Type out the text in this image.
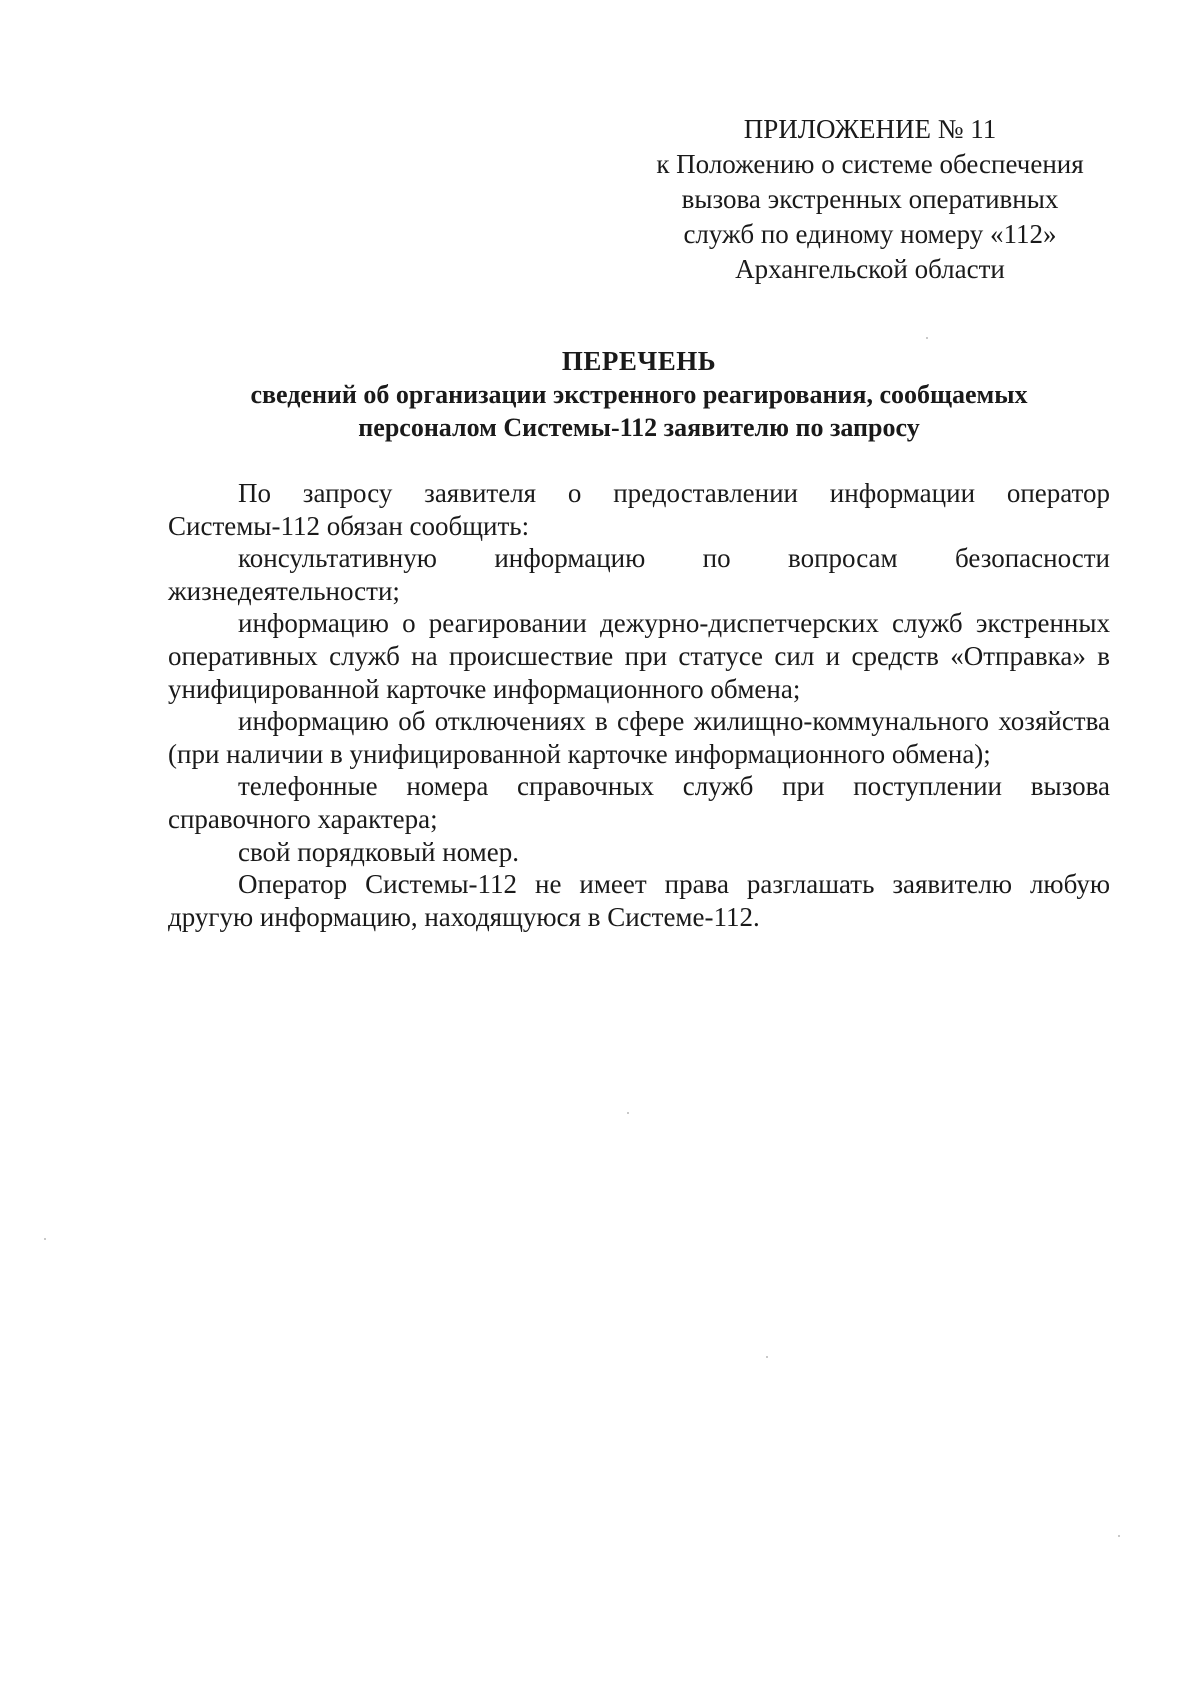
ПРИЛОЖЕНИЕ № 11
к Положению о системе обеспечения
вызова экстренных оперативных
служб по единому номеру «112»
Архангельской области
ПЕРЕЧЕНЬ
сведений об организации экстренного реагирования, сообщаемых
персоналом Системы-112 заявителю по запросу

По запросу заявителя о предоставлении информации оператор Системы-112 обязан сообщить:

консультативную информацию по вопросам безопасности жизнедеятельности;

информацию о реагировании дежурно-диспетчерских служб экстренных оперативных служб на происшествие при статусе сил и средств «Отправка» в унифицированной карточке информационного обмена;

информацию об отключениях в сфере жилищно-коммунального хозяйства (при наличии в унифицированной карточке информационного обмена);

телефонные номера справочных служб при поступлении вызова справочного характера;

свой порядковый номер.

Оператор Системы-112 не имеет права разглашать заявителю любую другую информацию, находящуюся в Системе-112.
